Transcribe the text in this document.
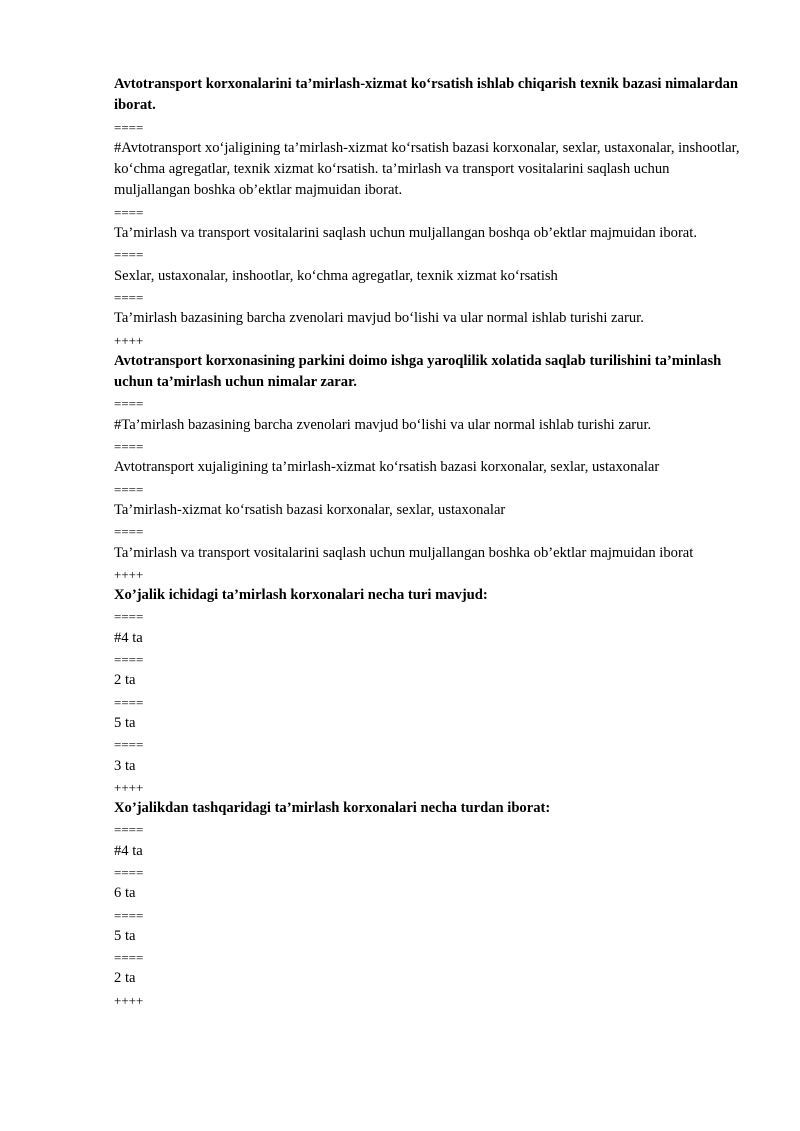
Avtotransport korxonalarini ta’mirlash-xizmat ko‘rsatish ishlab chiqarish texnik bazasi nimalardan iborat.

====

#Avtotransport xo‘jaligining ta’mirlash-xizmat ko‘rsatish bazasi korxonalar, sexlar, ustaxonalar, inshootlar, ko‘chma agregatlar, texnik xizmat ko‘rsatish. ta’mirlash va transport vositalarini saqlash uchun muljallangan boshka ob’ektlar majmuidan iborat.

====

Ta’mirlash va transport vositalarini saqlash uchun muljallangan boshqa ob’ektlar majmuidan iborat.

====

Sexlar, ustaxonalar, inshootlar, ko‘chma agregatlar, texnik xizmat ko‘rsatish

====

Ta’mirlash bazasining barcha zvenolari mavjud bo‘lishi va ular normal ishlab turishi zarur.

++++

Avtotransport korxonasining parkini doimo ishga yaroqlilik xolatida saqlab turilishini ta’minlash uchun ta’mirlash uchun nimalar zarar.

====

#Ta’mirlash bazasining barcha zvenolari mavjud bo‘lishi va ular normal ishlab turishi zarur.

====

Avtotransport xujaligining ta’mirlash-xizmat ko‘rsatish bazasi korxonalar, sexlar, ustaxonalar

====

Ta’mirlash-xizmat ko‘rsatish bazasi korxonalar, sexlar, ustaxonalar

====

Ta’mirlash va transport vositalarini saqlash uchun muljallangan boshka ob’ektlar majmuidan iborat

++++

Xo’jalik ichidagi ta’mirlash korxonalari necha turi mavjud:

====

#4 ta

====

2 ta

====

5 ta

====

3 ta

++++

Xo’jalikdan tashqaridagi ta’mirlash korxonalari necha turdan iborat:

====

#4 ta

====

6 ta

====

5 ta

====

2 ta

++++
